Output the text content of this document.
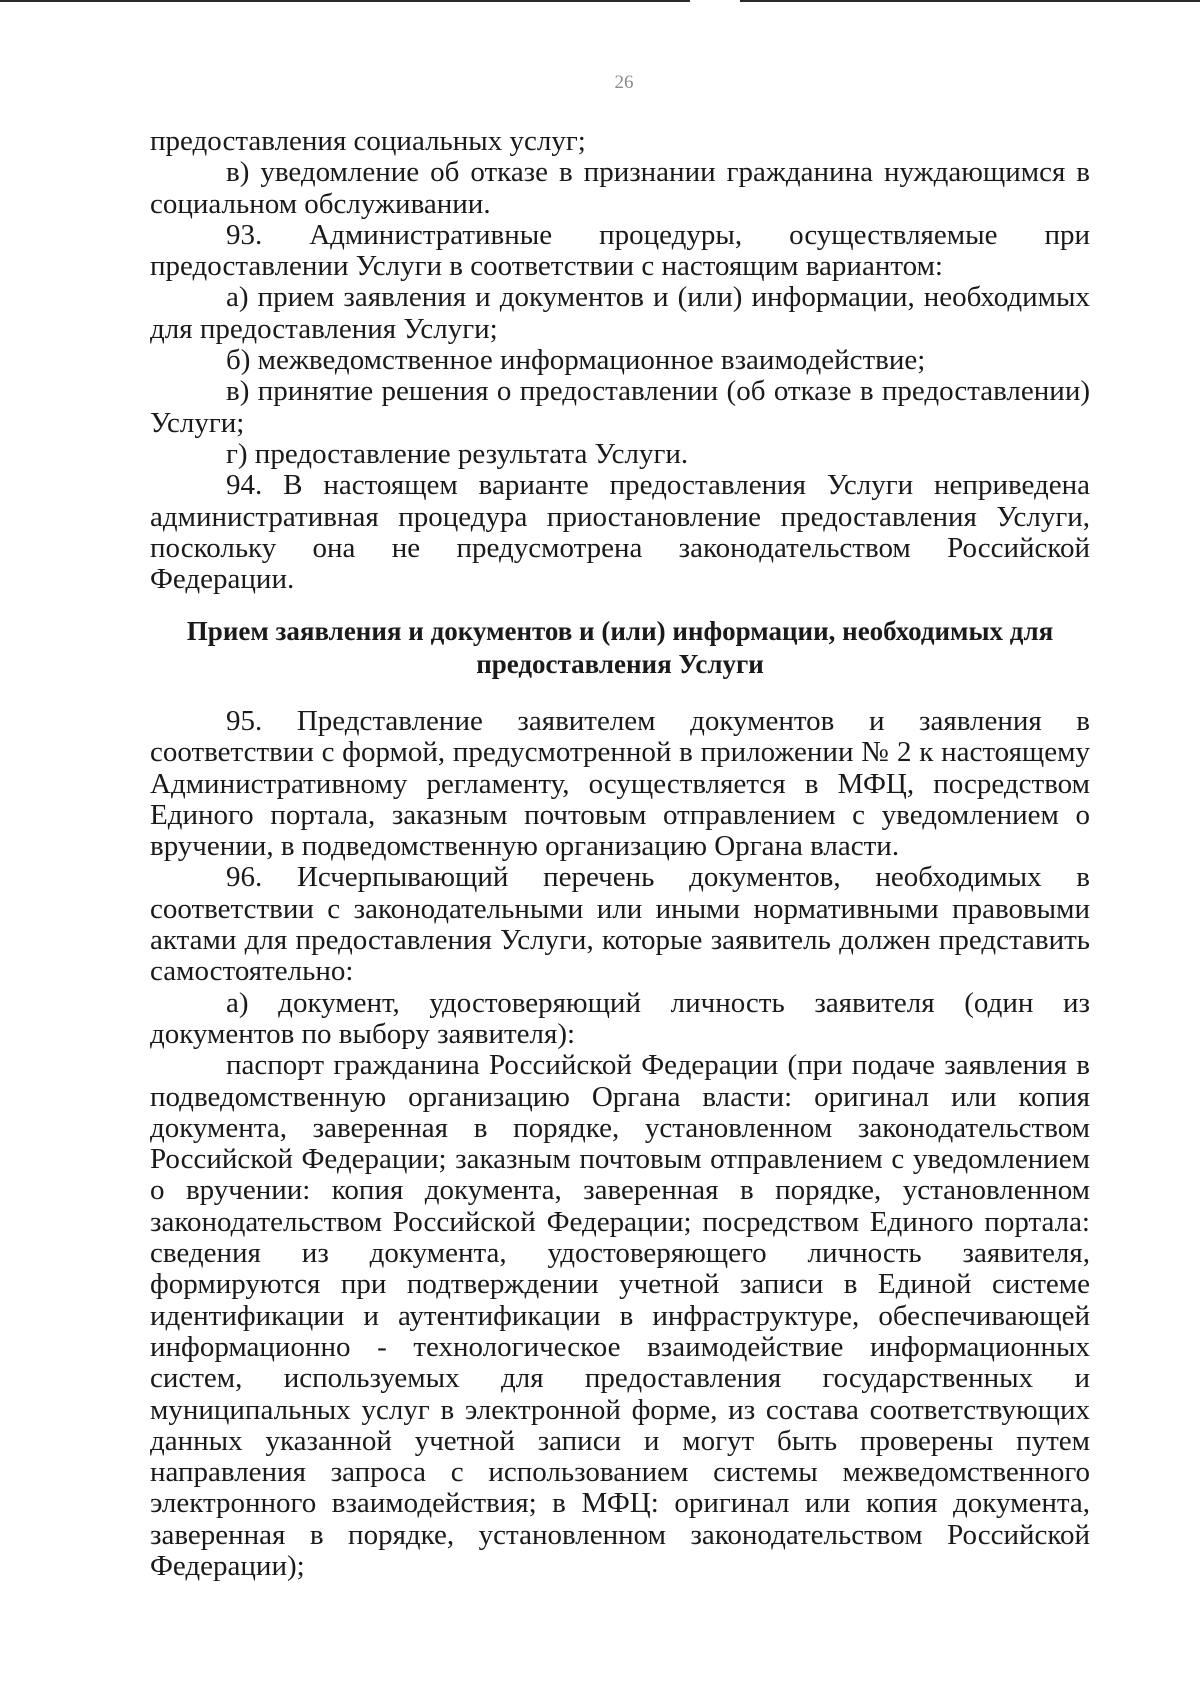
26

предоставления социальных услуг;

в) уведомление об отказе в признании гражданина нуждающимся в социальном обслуживании.

93. Административные процедуры, осуществляемые при предоставлении Услуги в соответствии с настоящим вариантом:

а) прием заявления и документов и (или) информации, необходимых для предоставления Услуги;

б) межведомственное информационное взаимодействие;

в) принятие решения о предоставлении (об отказе в предоставлении) Услуги;

г) предоставление результата Услуги.

94. В настоящем варианте предоставления Услуги неприведена административная процедура приостановление предоставления Услуги, поскольку она не предусмотрена законодательством Российской Федерации.

Прием заявления и документов и (или) информации, необходимых для
предоставления Услуги

95. Представление заявителем документов и заявления в соответствии с формой, предусмотренной в приложении № 2 к настоящему Административному регламенту, осуществляется в МФЦ, посредством Единого портала, заказным почтовым отправлением с уведомлением о вручении, в подведомственную организацию Органа власти.

96. Исчерпывающий перечень документов, необходимых в соответствии с законодательными или иными нормативными правовыми актами для предоставления Услуги, которые заявитель должен представить самостоятельно:

а) документ, удостоверяющий личность заявителя (один из документов по выбору заявителя):

паспорт гражданина Российской Федерации (при подаче заявления в подведомственную организацию Органа власти: оригинал или копия документа, заверенная в порядке, установленном законодательством Российской Федерации; заказным почтовым отправлением с уведомлением о вручении: копия документа, заверенная в порядке, установленном законодательством Российской Федерации; посредством Единого портала: сведения из документа, удостоверяющего личность заявителя, формируются при подтверждении учетной записи в Единой системе идентификации и аутентификации в инфраструктуре, обеспечивающей информационно - технологическое взаимодействие информационных систем, используемых для предоставления государственных и муниципальных услуг в электронной форме, из состава соответствующих данных указанной учетной записи и могут быть проверены путем направления запроса с использованием системы межведомственного электронного взаимодействия; в МФЦ: оригинал или копия документа, заверенная в порядке, установленном законодательством Российской Федерации);
